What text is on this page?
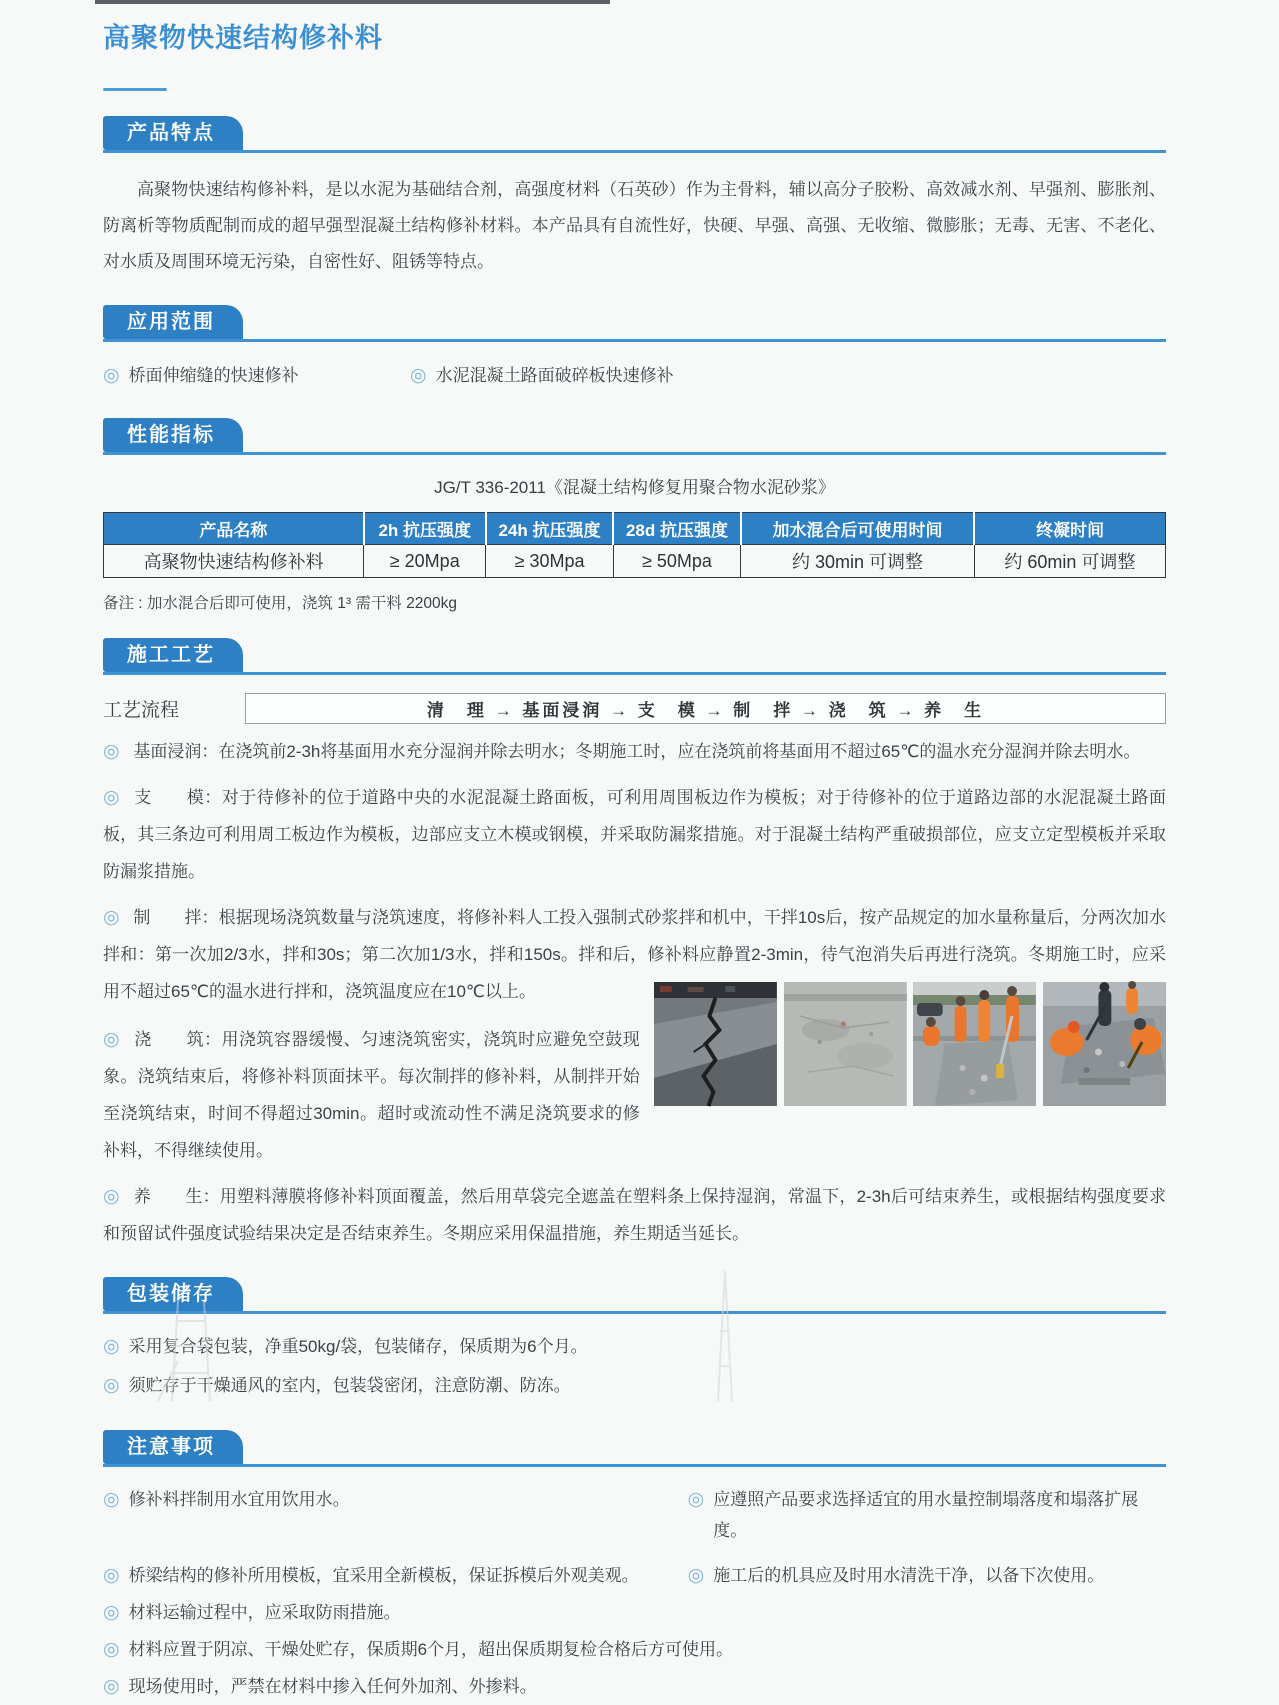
高聚物快速结构修补料
产品特点

高聚物快速结构修补料，是以水泥为基础结合剂，高强度材料（石英砂）作为主骨料，辅以高分子胶粉、高效减水剂、早强剂、膨胀剂、防离析等物质配制而成的超早强型混凝土结构修补材料。本产品具有自流性好，快硬、早强、高强、无收缩、微膨胀；无毒、无害、不老化、对水质及周围环境无污染，自密性好、阻锈等特点。

应用范围
◎ 桥面伸缩缝的快速修补	◎ 水泥混凝土路面破碎板快速修补
性能指标
JG/T 336-2011《混凝土结构修复用聚合物水泥砂浆》
产品名称	2h 抗压强度	24h 抗压强度	28d 抗压强度	加水混合后可使用时间	终凝时间
高聚物快速结构修补料	≥ 20Mpa	≥ 30Mpa	≥ 50Mpa	约 30min 可调整	约 60min 可调整
备注 : 加水混合后即可使用，浇筑 1³ 需干料 2200kg
施工工艺
工艺流程	清　理 → 基面浸润 → 支　模 → 制　拌 → 浇　筑 → 养　生
◎ 基面浸润：在浇筑前2-3h将基面用水充分湿润并除去明水；冬期施工时，应在浇筑前将基面用不超过65℃的温水充分湿润并除去明水。

◎ 支　　模：对于待修补的位于道路中央的水泥混凝土路面板，可利用周围板边作为模板；对于待修补的位于道路边部的水泥混凝土路面板，其三条边可利用周工板边作为模板，边部应支立木模或钢模，并采取防漏浆措施。对于混凝土结构严重破损部位，应支立定型模板并采取防漏浆措施。

◎ 制　　拌：根据现场浇筑数量与浇筑速度，将修补料人工投入强制式砂浆拌和机中，干拌10s后，按产品规定的加水量称量后，分两次加水拌和：第一次加2/3水，拌和30s；第二次加1/3水，拌和150s。拌和后，修补料应静置2-3min，待气泡消失后再进行浇筑。冬期施工时，应采用不超过65℃的温水进行拌和，浇筑温度应在10℃以上。

◎ 浇　　筑：用浇筑容器缓慢、匀速浇筑密实，浇筑时应避免空鼓现象。浇筑结束后，将修补料顶面抹平。每次制拌的修补料，从制拌开始至浇筑结束，时间不得超过30min。超时或流动性不满足浇筑要求的修补料，不得继续使用。

◎ 养　　生：用塑料薄膜将修补料顶面覆盖，然后用草袋完全遮盖在塑料条上保持湿润，常温下，2-3h后可结束养生，或根据结构强度要求和预留试件强度试验结果决定是否结束养生。冬期应采用保温措施，养生期适当延长。

包装储存
◎ 采用复合袋包装，净重50kg/袋，包装储存，保质期为6个月。
◎ 须贮存于干燥通风的室内，包装袋密闭，注意防潮、防冻。
注意事项
◎ 修补料拌制用水宜用饮用水。	◎ 应遵照产品要求选择适宜的用水量控制塌落度和塌落扩展度。
◎ 桥梁结构的修补所用模板，宜采用全新模板，保证拆模后外观美观。	◎ 施工后的机具应及时用水清洗干净，以备下次使用。
◎ 材料运输过程中，应采取防雨措施。
◎ 材料应置于阴凉、干燥处贮存，保质期6个月，超出保质期复检合格后方可使用。
◎ 现场使用时，严禁在材料中掺入任何外加剂、外掺料。
